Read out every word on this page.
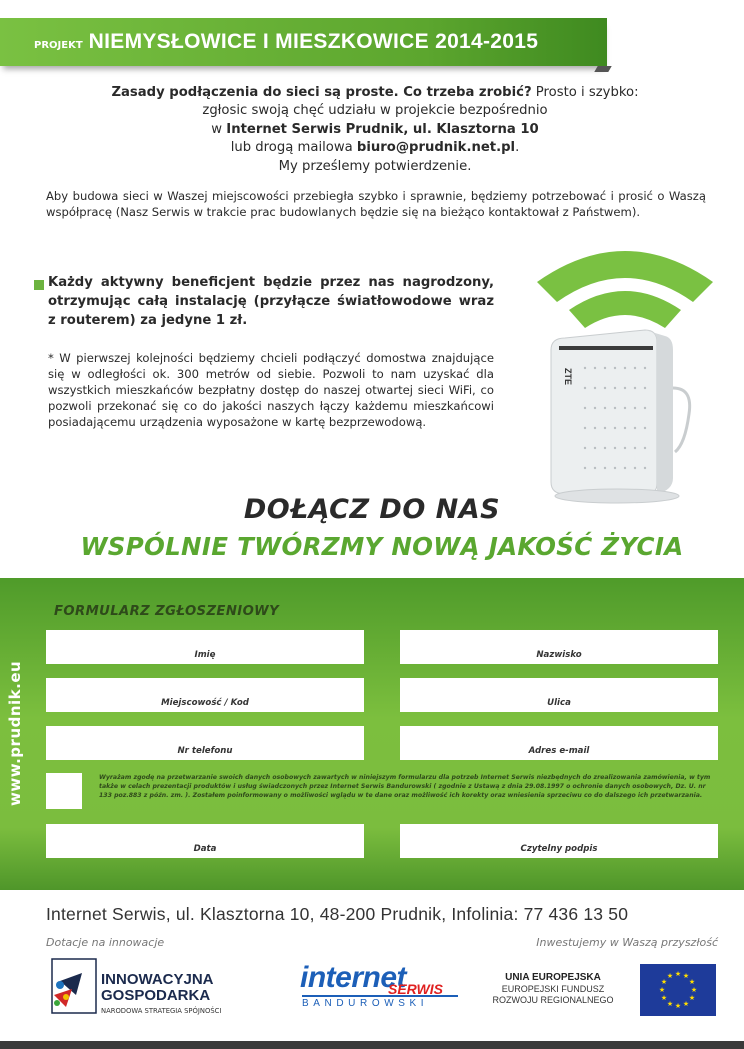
PROJEKT NIEMYSŁOWICE I MIESZKOWICE 2014-2015
Zasady podłączenia do sieci są proste. Co trzeba zrobić? Prosto i szybko:
zgłosic swoją chęć udziału w projekcie bezpośrednio
w Internet Serwis Prudnik, ul. Klasztorna 10
lub drogą mailowa biuro@prudnik.net.pl.
My prześlemy potwierdzenie.
Aby budowa sieci w Waszej miejscowości przebiegła szybko i sprawnie, będziemy potrzebować i prosić o Waszą współpracę (Nasz Serwis w trakcie prac budowlanych będzie się na bieżąco kontaktował z Państwem).
Każdy aktywny beneficjent będzie przez nas nagrodzony, otrzymując całą instalację (przyłącze światłowodowe wraz z routerem) za jedyne 1 zł.
* W pierwszej kolejności będziemy chcieli podłączyć domostwa znajdujące się w odległości ok. 300 metrów od siebie. Pozwoli to nam uzyskać dla wszystkich mieszkańców bezpłatny dostęp do naszej otwartej sieci WiFi, co pozwoli przekonać się co do jakości naszych łączy każdemu mieszkańcowi posiadającemu urządzenia wyposażone w kartę bezprzewodową.
ZTE
DOŁĄCZ DO NAS
WSPÓLNIE TWÓRZMY NOWĄ JAKOŚĆ ŻYCIA
FORMULARZ ZGŁOSZENIOWY
www.prudnik.eu
Imię	Nazwisko
Miejscowość / Kod	Ulica
Nr telefonu	Adres e-mail
Wyrażam zgodę na przetwarzanie swoich danych osobowych zawartych w niniejszym formularzu dla potrzeb Internet Serwis niezbędnych do zrealizowania zamówienia, w tym także w celach prezentacji produktów i usług świadczonych przez Internet Serwis Bandurowski ( zgodnie z Ustawą z dnia 29.08.1997 o ochronie danych osobowych, Dz. U. nr 133 poz.883 z późn. zm. ). Zostałem poinformowany o możliwości wglądu w te dane oraz możliwość ich korekty oraz wniesienia sprzeciwu co do dalszego ich przetwarzania.
Data	Czytelny podpis
Internet Serwis, ul. Klasztorna 10, 48-200 Prudnik, Infolinia: 77 436 13 50
Dotacje na innowacje	Inwestujemy w Waszą przyszłość
INNOWACYJNA
GOSPODARKA
NARODOWA STRATEGIA SPÓJNOŚCI
internet
SERWIS
BANDUROWSKI
UNIA EUROPEJSKA
EUROPEJSKI FUNDUSZ
ROZWOJU REGIONALNEGO
★ ★
★
★
★
★
★
★
★
★
★
★
